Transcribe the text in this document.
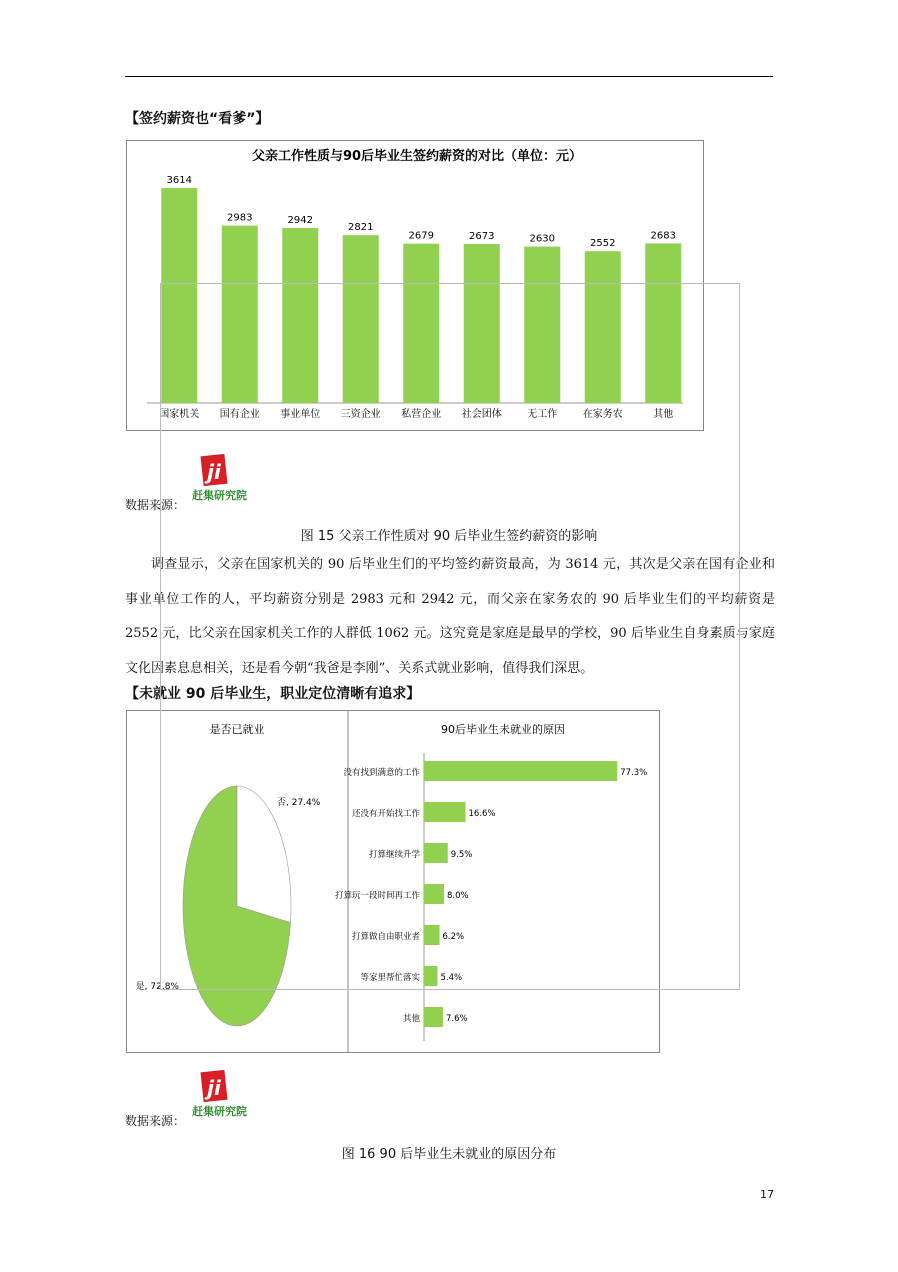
【签约薪资也“看爹”】
父亲工作性质与90后毕业生签约薪资的对比（单位：元）
3614
国家机关
2983
国有企业
2942
事业单位
2821
三资企业
2679
私营企业
2673
社会团体
2630
无工作
2552
在家务农
2683
其他
数据来源：
ji
赶集研究院
图 15 父亲工作性质对 90 后毕业生签约薪资的影响

调查显示，父亲在国家机关的 90 后毕业生们的平均签约薪资最高，为 3614 元，其次是父亲在国有企业和事业单位工作的人，平均薪资分别是 2983 元和 2942 元，而父亲在家务农的 90 后毕业生们的平均薪资是 2552 元，比父亲在国家机关工作的人群低 1062 元。这究竟是家庭是最早的学校，90 后毕业生自身素质与家庭文化因素息息相关，还是看今朝“我爸是李刚”、关系式就业影响，值得我们深思。

【未就业 90 后毕业生，职业定位清晰有追求】
是否已就业
是, 72.8%
否, 27.4%
90后毕业生未就业的原因
没有找到满意的工作	77.3%
还没有开始找工作	16.6%
打算继续升学	9.5%
打算玩一段时间再工作	8.0%
打算做自由职业者	6.2%
等家里帮忙落实 5.4%
其他	7.6%
数据来源：
ji
赶集研究院
图 16 90 后毕业生未就业的原因分布
17
